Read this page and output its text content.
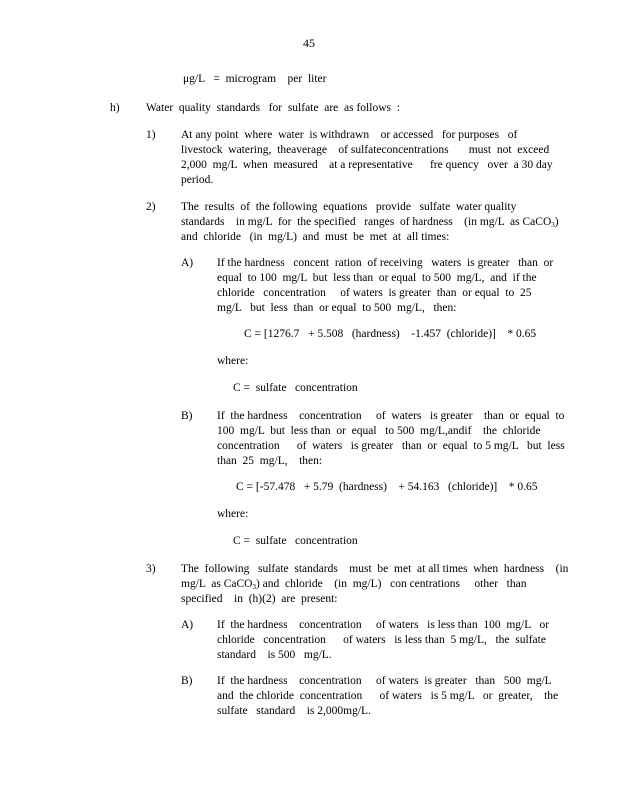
45
μg/L   =  microgram    per  liter
h) Water  quality  standards   for  sulfate  are  as follows  :
1) At any point  where  water  is withdrawn    or accessed   for purposes   of
livestock  watering,  theaverage    of sulfateconcentrations       must  not  exceed
2,000  mg/L  when  measured    at a representative      fre quency   over  a 30 day
period.
2) The  results  of  the following  equations   provide   sulfate  water quality
standards    in mg/L  for  the specified   ranges  of hardness    (in mg/L  as CaCO$_3$)
and  chloride   (in  mg/L)  and  must  be  met  at  all times:
A) If the hardness   concent  ration  of receiving   waters  is greater   than  or
equal  to 100  mg/L  but  less than  or equal  to 500  mg/L,  and  if the
chloride   concentration     of waters  is greater  than  or equal  to  25
mg/L   but  less  than  or equal  to 500  mg/L,   then:
C = [1276.7   + 5.508   (hardness)    -1.457  (chloride)]    * 0.65
where:
C =  sulfate   concentration
B) If  the hardness    concentration     of  waters   is greater    than  or  equal  to
100  mg/L  but  less than  or  equal   to 500  mg/L,andif    the  chloride
concentration      of  waters   is greater   than  or  equal  to 5 mg/L   but  less
than  25  mg/L,    then:
C = [-57.478   + 5.79  (hardness)    + 54.163   (chloride)]    * 0.65
where:
C =  sulfate   concentration
3) The  following   sulfate  standards    must  be  met  at all times  when  hardness    (in
mg/L  as CaCO$_3$) and  chloride    (in  mg/L)   con centrations     other   than
specified    in  (h)(2)  are  present:
A) If  the hardness    concentration     of waters   is less than  100  mg/L   or
chloride   concentration      of waters   is less than  5 mg/L,   the  sulfate
standard    is 500   mg/L.
B) If  the hardness    concentration     of waters  is greater   than   500  mg/L
and  the chloride  concentration      of waters   is 5 mg/L   or  greater,    the
sulfate   standard    is 2,000mg/L.
